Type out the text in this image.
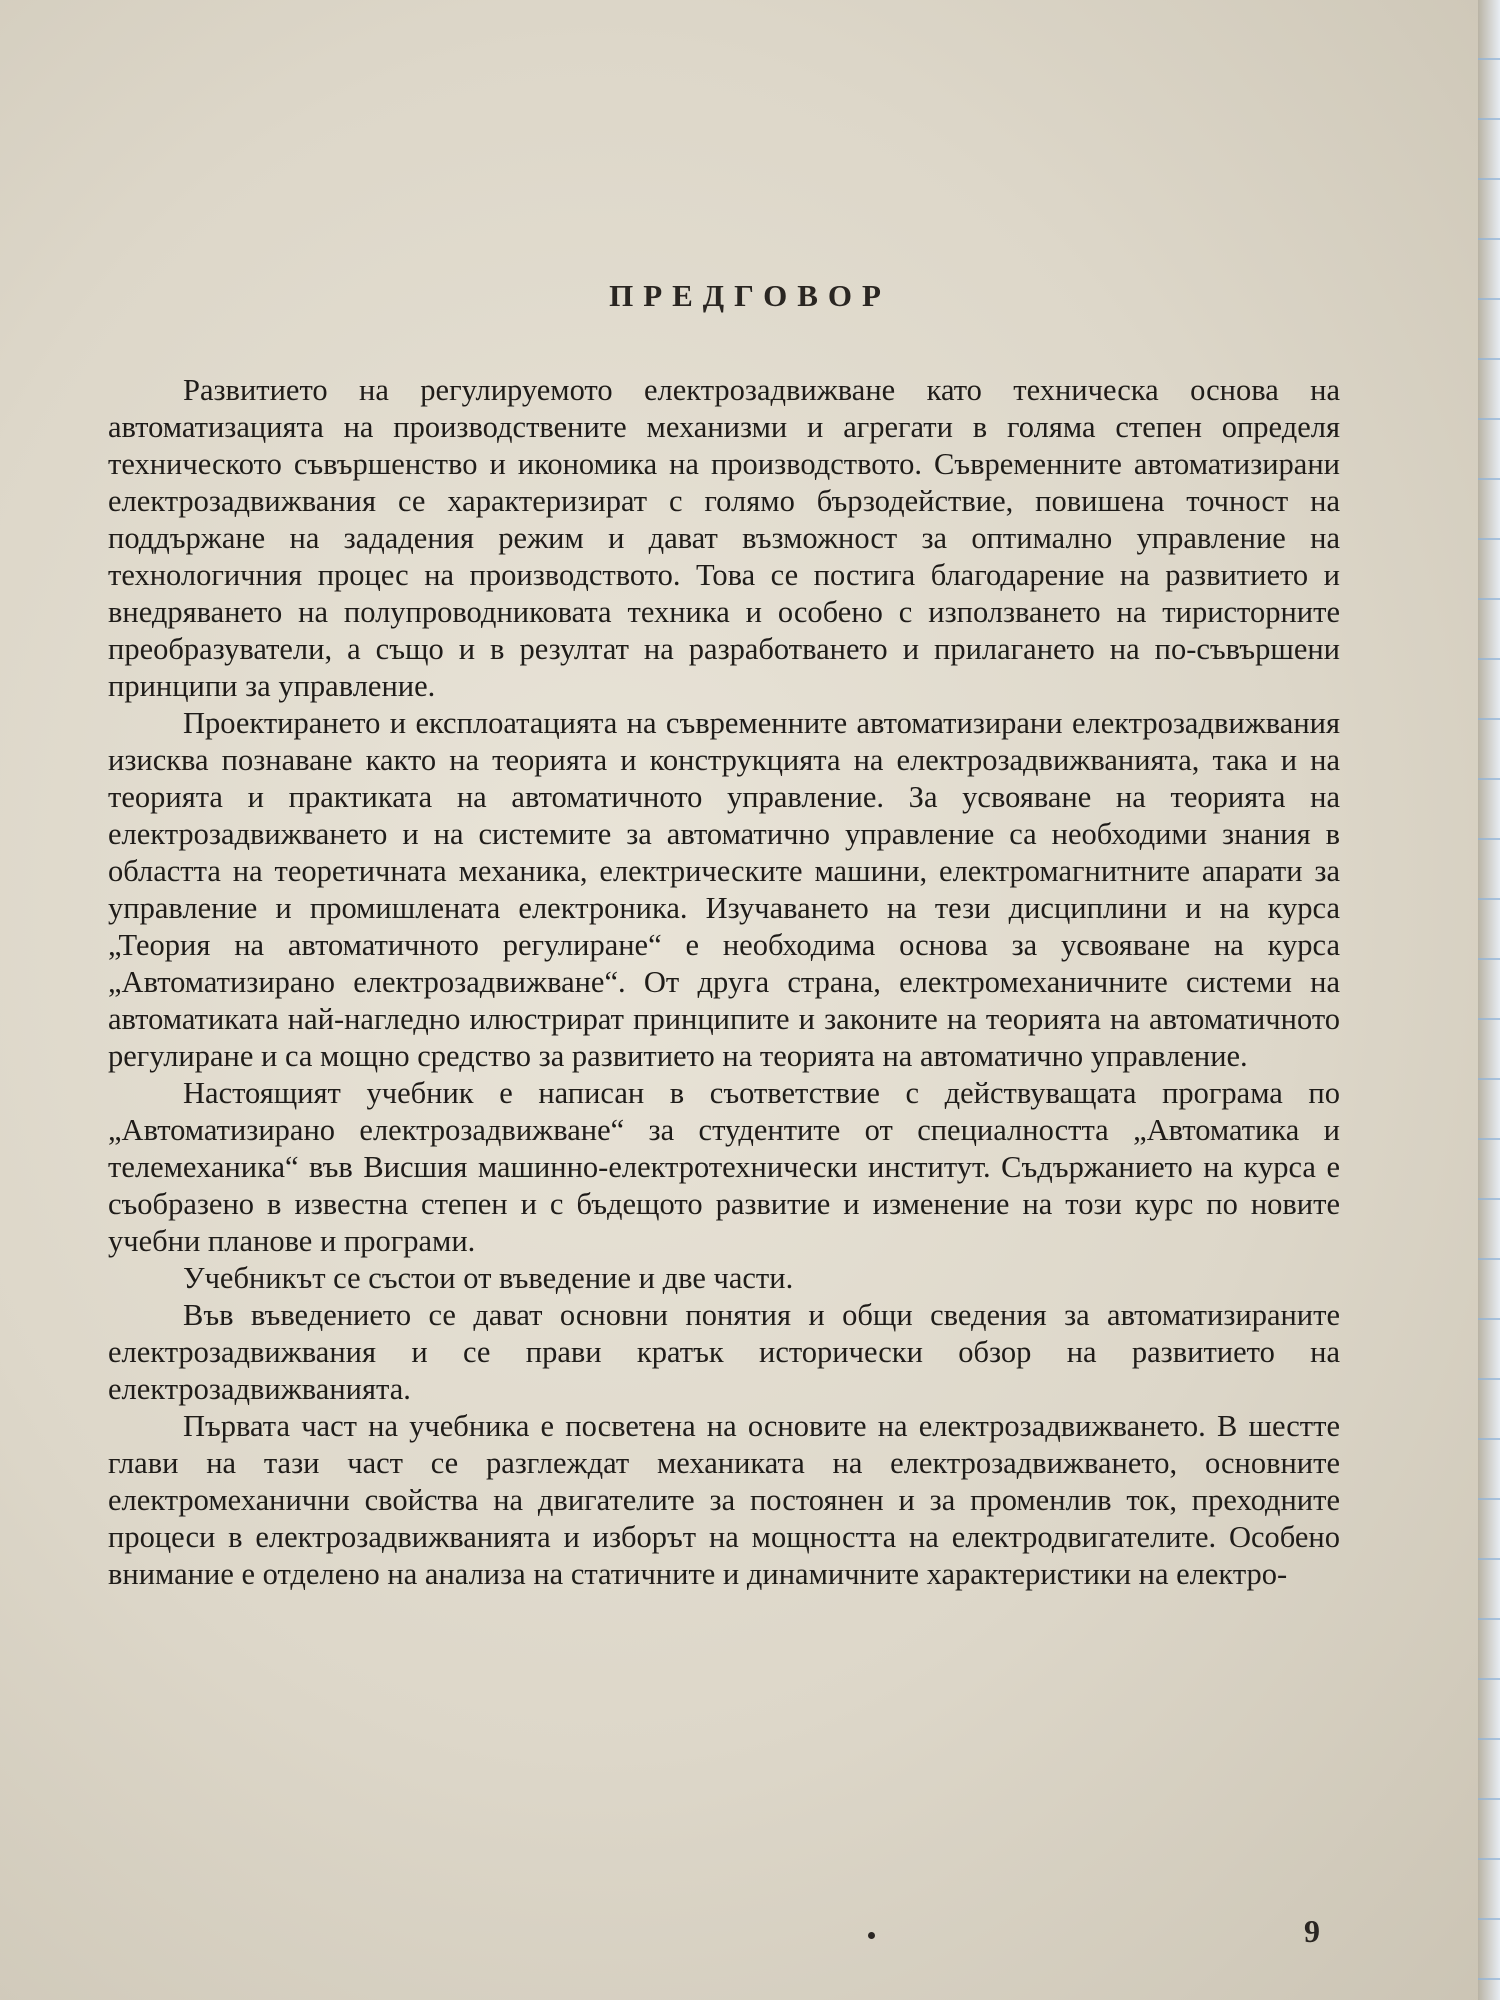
ПРЕДГОВОР

Развитието на регулируемото електрозадвижване като техническа основа на автоматизацията на производствените механизми и агрегати в голяма степен определя техническото съвършенство и икономика на производството. Съвременните автоматизирани електрозадвижвания се характеризират с голямо бързодействие, повишена точност на поддържане на зададения режим и дават възможност за оптимално управление на технологичния процес на производството. Това се постига благодарение на развитието и внедряването на полупроводниковата техника и особено с използването на тиристорните преобразуватели, а също и в резултат на разработването и прилагането на по-съвършени принципи за управление.

Проектирането и експлоатацията на съвременните автоматизирани електрозадвижвания изисква познаване както на теорията и конструкцията на електрозадвижванията, така и на теорията и практиката на автоматичното управление. За усвояване на теорията на електрозадвижването и на системите за автоматично управление са необходими знания в областта на теоретичната механика, електрическите машини, електромагнитните апарати за управление и промишлената електроника. Изучаването на тези дисциплини и на курса „Теория на автоматичното регулиране“ е необходима основа за усвояване на курса „Автоматизирано електрозадвижване“. От друга страна, електромеханичните системи на автоматиката най-нагледно илюстрират принципите и законите на теорията на автоматичното регулиране и са мощно средство за развитието на теорията на автоматично управление.

Настоящият учебник е написан в съответствие с действуващата програма по „Автоматизирано електрозадвижване“ за студентите от специалността „Автоматика и телемеханика“ във Висшия машинно-електротехнически институт. Съдържанието на курса е съобразено в известна степен и с бъдещото развитие и изменение на този курс по новите учебни планове и програми.

Учебникът се състои от въведение и две части.

Във въведението се дават основни понятия и общи сведения за автоматизираните електрозадвижвания и се прави кратък исторически обзор на развитието на електрозадвижванията.

Първата част на учебника е посветена на основите на електрозадвижването. В шестте глави на тази част се разглеждат механиката на електрозадвижването, основните електромеханични свойства на двигателите за постоянен и за променлив ток, преходните процеси в електрозадвижванията и изборът на мощността на електродвигателите. Особено внимание е отделено на анализа на статичните и динамичните характеристики на електро-

9
